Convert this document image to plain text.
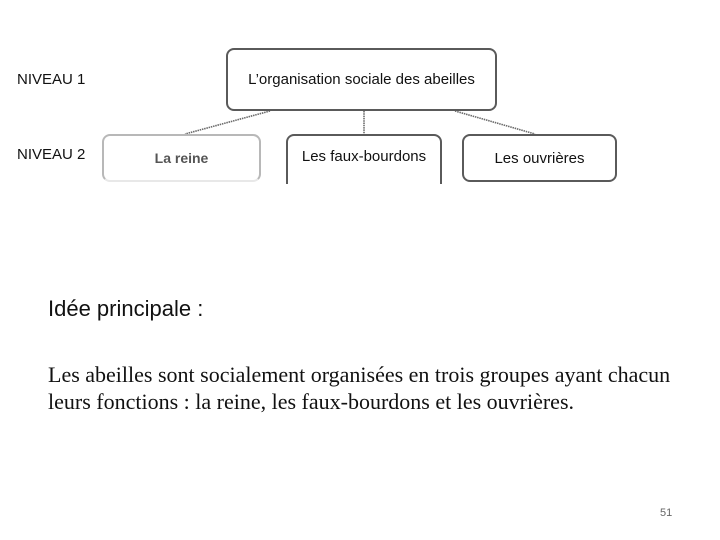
NIVEAU 1
NIVEAU 2
L’organisation sociale des abeilles
La reine	Les faux-bourdons	Les ouvrières
Idée principale :

Les abeilles sont socialement organisées en trois groupes ayant chacun leurs fonctions : la reine, les faux-bourdons et les ouvrières.

51
